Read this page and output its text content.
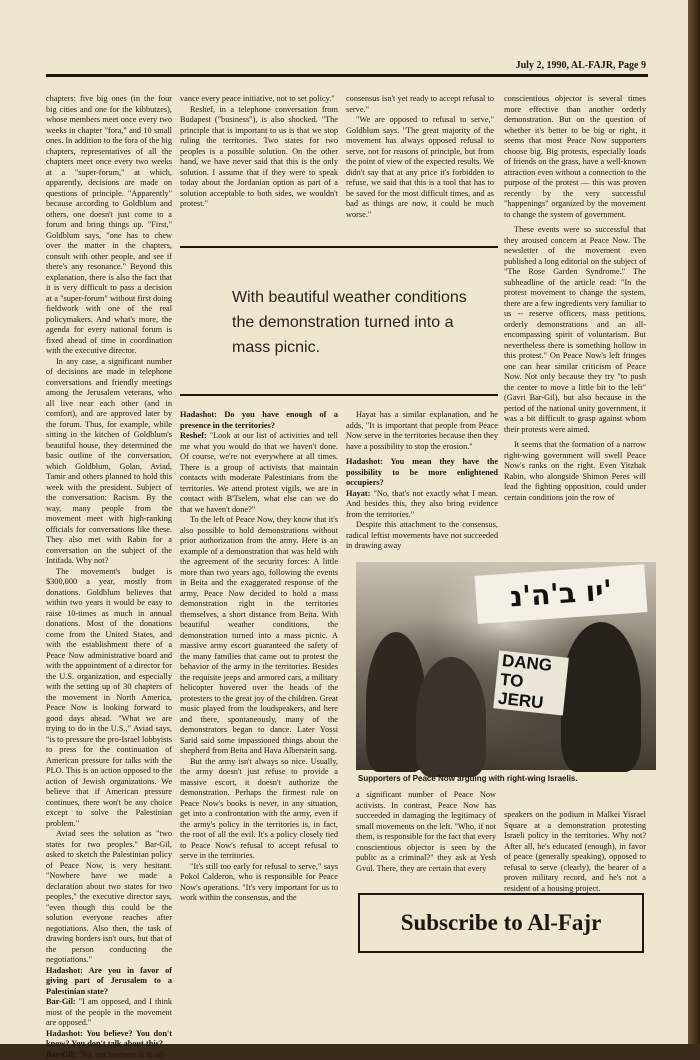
July 2, 1990, AL-FAJR, Page 9

chapters: five big ones (in the four big cities and one for the kibbutzes), whose members meet once every two weeks in chapter "fora," and 10 small ones. In addition to the fora of the big chapters, representatives of all the chapters meet once every two weeks at a "super-forum," at which, apparently, decisions are made on questions of principle. "Apparently" because according to Goldblum and others, one doesn't just come to a forum and bring things up. "First," Goldblum says, "one has to chew over the matter in the chapters, consult with other people, and see if there's any resonance." Beyond this explanation, there is also the fact that it is very difficult to pass a decision at a "super-forum" without first doing fieldwork with one of the real policymakers. And what's more, the agenda for every national forum is fixed ahead of time in coordination with the executive director.

In any case, a significant number of decisions are made in telephone conversations and friendly meetings among the Jerusalem veterans, who all live near each other (and in comfort), and are approved later by the forum. Thus, for example, while sitting in the kitchen of Goldblum's beautiful house, they determined the basic outline of the conversation, which Goldblum, Golan, Aviad, Tamir and others planned to hold this week with the president. Subject of the conversation: Racism. By the way, many people from the movement meet with high-ranking officials for conversations like these. They also met with Rabin for a conversation on the subject of the Intifada. Why not?

The movement's budget is $300,000 a year, mostly from donations. Goldblum believes that within two years it would be easy to raise 10-times as much in annual donations. Most of the donations come from the United States, and with the establishment there of a Peace Now administrative board and with the appointment of a director for the U.S. organization, and especially with the setting up of 30 chapters of the movement in North America, Peace Now is looking forward to good days ahead. "What we are trying to do in the U.S.," Aviad says, "is to pressure the pro-Israel lobbyists to press for the continuation of American pressure for talks with the PLO. This is an action opposed to the action of Jewish organizations. We believe that if American pressure continues, there won't be any choice except to solve the Palestinian problem."

Aviad sees the solution as "two states for two peoples." Bar-Gil, asked to sketch the Palestinian policy of Peace Now, is very hesitant. "Nowhere have we made a declaration about two states for two peoples," the executive director says, "even though this could be the solution everyone reaches after negotiations. Also then, the task of drawing borders isn't ours, but that of the person conducting the negotiations."

Hadashot: Are you in favor of giving part of Jerusalem to a Palestinian state?

Bar-Gil: "I am opposed, and I think most of the people in the movement are opposed."

Hadashot: You believe? You don't know? You don't talk about this?

Bar-Gil: "No, our business is to ad-

vance every peace initiative, not to set policy."

Reshef, in a telephone conversation from Budapest ("business"), is also shocked. "The principle that is important to us is that we stop ruling the territories. Two states for two peoples is a possible solution. On the other hand, we have never said that this is the only solution. I assume that if they were to speak today about the Jordanian option as part of a solution acceptable to both sides, we wouldn't protest."

consensus isn't yet ready to accept refusal to serve."

"We are opposed to refusal to serve," Goldblum says. "The great majority of the movement has always opposed refusal to serve, not for reasons of principle, but from the point of view of the expected results. We didn't say that at any price it's forbidden to refuse, we said that this is a tool that has to be saved for the most difficult times, and as bad as things are now, it could be much worse."

With beautiful weather conditions the demonstration turned into a mass picnic.

Hadashot: Do you have enough of a presence in the territories?

Reshef: "Look at our list of activities and tell me what you would do that we haven't done. Of course, we're not everywhere at all times. There is a group of activists that maintain contacts with moderate Palestinians from the territories. We attend protest vigils, we are in contact with B'Tselem, what else can we do that we haven't done?"

To the left of Peace Now, they know that it's also possible to hold demonstrations without prior authorization from the army. Here is an example of a demonstration that was held with the agreement of the security forces: A little more than two years ago, following the events in Beita and the exaggerated response of the army, Peace Now decided to hold a mass demonstration right in the territories themselves, a short distance from Beita. With beautiful weather conditions, the demonstration turned into a mass picnic. A massive army escort guaranteed the safety of the many families that came out to protest the behavior of the army in the territories. Besides the requisite jeeps and armored cars, a military helicopter hovered over the heads of the protesters to the great joy of the children. Great music played from the loudspeakers, and here and there, spontaneously, many of the demonstrators began to dance. Later Yossi Sarid said some impassioned things about the shepherd from Beita and Hava Alberstein sang.

But the army isn't always so nice. Usually, the army doesn't just refuse to provide a massive escort, it doesn't authorize the demonstration. Perhaps the firmest rule on Peace Now's books is never, in any situation, get into a confrontation with the army, even if the army's policy in the territories is, in fact, the root of all the evil. It's a policy closely tied to Peace Now's refusal to accept refusal to serve in the territories.

"It's still too early for refusal to serve," says Pokol Calderon, who is responsible for Peace Now's operations. "It's very important for us to work within the consensus, and the

Hayat has a similar explanation, and he adds, "It is important that people from Peace Now serve in the territories because then they have a possibility to stop the erosion."

Hadashot: You mean they have the possibility to be more enlightened occupiers?

Hayat: "No, that's not exactly what I mean. And besides this, they also bring evidence from the territories."

Despite this attachment to the consensus, radical leftist movements have not succeeded in drawing away

conscientious objector is several times more effective than another orderly demonstration. But on the question of whether it's better to be big or right, it seems that most Peace Now supporters choose big. Big protests, especially loads of friends on the grass, have a well-known attraction even without a connection to the purpose of the protest — this was proven recently by the very successful "happenings" organized by the movement to change the system of government.

These events were so successful that they aroused concern at Peace Now. The newsletter of the movement even published a long editorial on the subject of "The Rose Garden Syndrome." The subheadline of the article read: "In the protest movement to change the system, there are a few ingredients very familiar to us -- reserve officers, mass petitions, orderly demonstrations and an all-encompassing spirit of voluntarism. But nevertheless there is something hollow in this protest." On Peace Now's left fringes one can hear similar criticism of Peace Now. Not only because they try "to push the center to move a little bit to the left" (Gavri Bar-Gil), but also because in the period of the national unity government, it was a bit difficult to grasp against whom their protests were aimed.

It seems that the formation of a narrow right-wing government will swell Peace Now's ranks on the right. Even Yitzhak Rabin, who alongside Shimon Peres will lead the fighting opposition, could under certain conditions join the row of

יו ב'ה'נ'
DANG
TO
JERU
Supporters of Peace Now arguing with right-wing Israelis.

a significant number of Peace Now activists. In contrast, Peace Now has succeeded in damaging the legitimacy of small movements on the left. "Who, if not them, is responsible for the fact that every conscientious objector is seen by the public as a criminal?" they ask at Yesh Gvul. There, they are certain that every

speakers on the podium in Malkei Yisrael Square at a demonstration protesting Israeli policy in the territories. Why not? After all, he's educated (enough), in favor of peace (generally speaking), opposed to refusal to serve (clearly), the bearer of a proven military record, and he's not a resident of a housing project.

Subscribe to Al-Fajr
